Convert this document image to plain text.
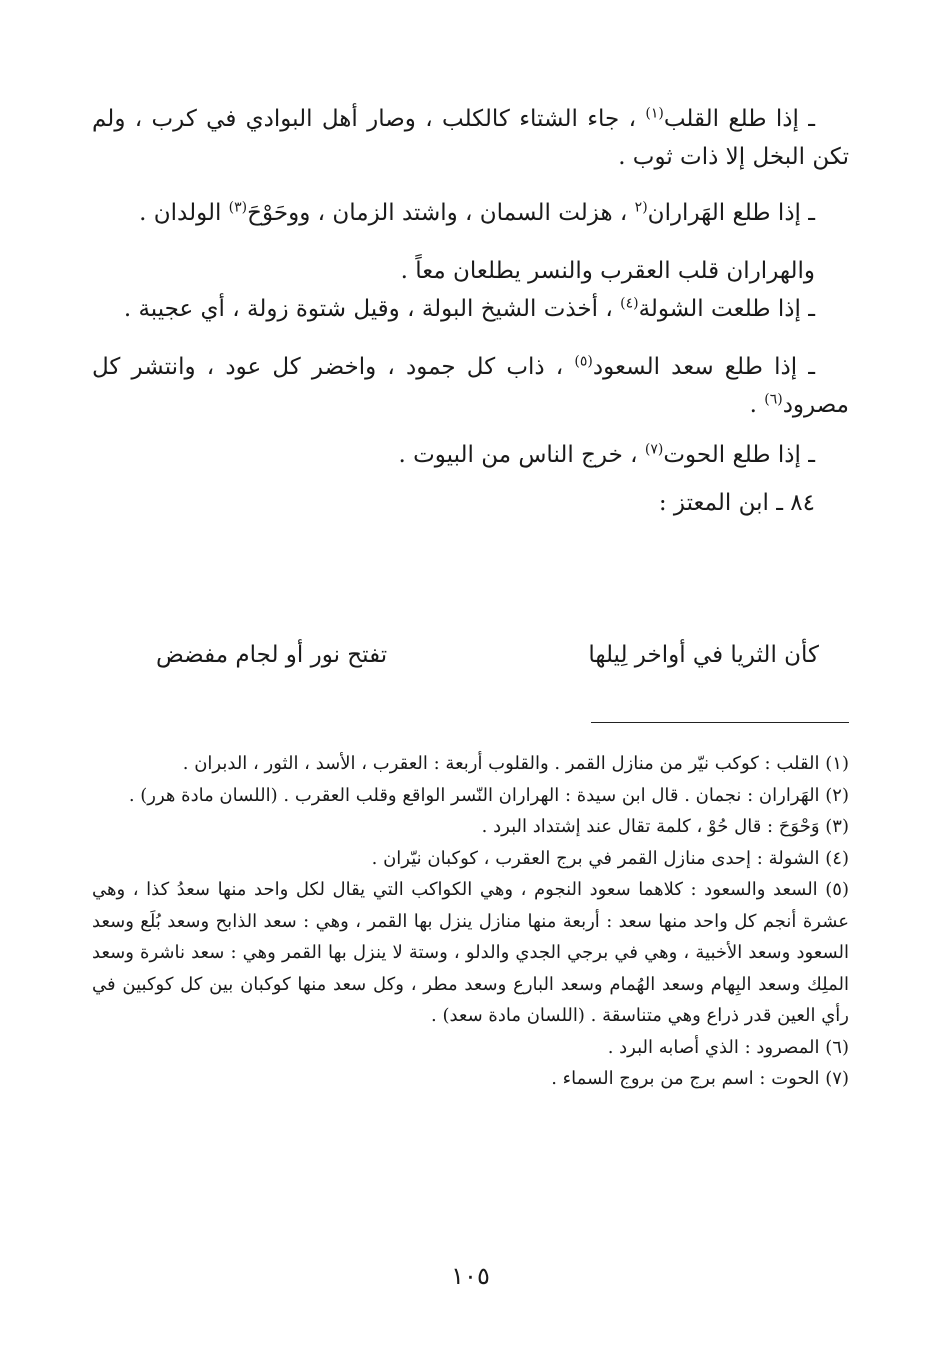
ـ إذا طلع القلب$^{(١)}$ ، جاء الشتاء كالكلب ، وصار أهل البوادي في كرب ، ولم تكن البخل إلا ذات ثوب .

ـ إذا طلع الهَراران$^{(٢}$ ، هزلت السمان ، واشتد الزمان ، ووحَوْحَ$^{(٣)}$ الولدان .

والهراران قلب العقرب والنسر يطلعان معاً .

ـ إذا طلعت الشولة$^{(٤)}$ ، أخذت الشيخ البولة ، وقيل شتوة زولة ، أي عجيبة .

ـ إذا طلع سعد السعود$^{(٥)}$ ، ذاب كل جمود ، واخضر كل عود ، وانتشر كل مصرود$^{(٦)}$ .

ـ إذا طلع الحوت$^{(٧)}$ ، خرج الناس من البيوت .

٨٤ ـ ابن المعتز :

كأن الثريا في أواخر لِيلها
تفتح نور أو لجام مفضض

(١) القلب : كوكب نيّر من منازل القمر . والقلوب أربعة : العقرب ، الأسد ، الثور ، الدبران .

(٢) الهَراران : نجمان . قال ابن سيدة : الهراران النّسر الواقع وقلب العقرب . (اللسان مادة هرر) .

(٣) وَحْوَحَ : قال حُوْ ، كلمة تقال عند إشتداد البرد .

(٤) الشولة : إحدى منازل القمر في برج العقرب ، كوكبان نيّران .

(٥) السعد والسعود : كلاهما سعود النجوم ، وهي الكواكب التي يقال لكل واحد منها سعدُ كذا ، وهي عشرة أنجم كل واحد منها سعد : أربعة منها منازل ينزل بها القمر ، وهي : سعد الذابح وسعد بُلَع وسعد السعود وسعد الأخبية ، وهي في برجي الجدي والدلو ، وستة لا ينزل بها القمر وهي : سعد ناشرة وسعد الملِك وسعد البِهام وسعد الهُمام وسعد البارع وسعد مطر ، وكل سعد منها كوكبان بين كل كوكبين في رأي العين قدر ذراع وهي متناسقة . (اللسان مادة سعد) .

(٦) المصرود : الذي أصابه البرد .

(٧) الحوت : اسم برج من بروج السماء .

١٠٥
